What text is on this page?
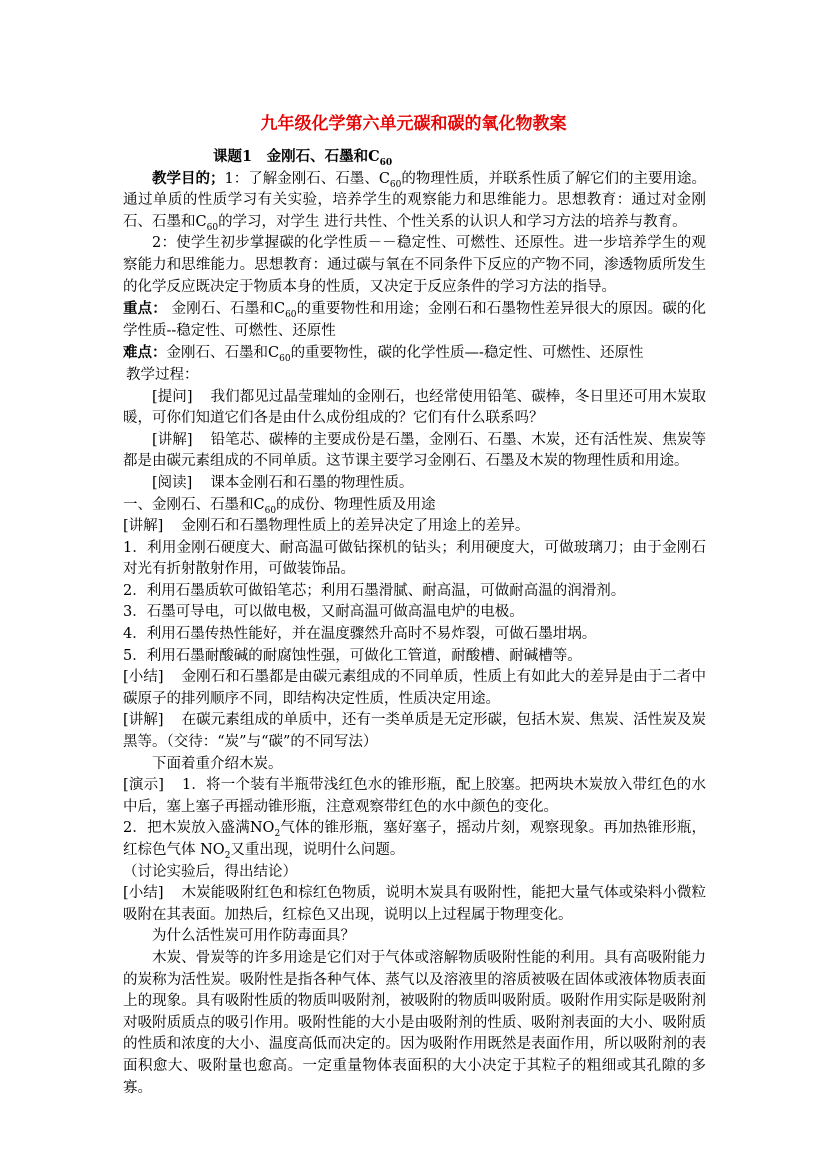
九年级化学第六单元碳和碳的氧化物教案

课题1　金刚石、石墨和$C_{60}$

教学目的；1：了解金刚石、石墨、$C_{60}$的物理性质，并联系性质了解它们的主要用途。通过单质的性质学习有关实验，培养学生的观察能力和思维能力。思想教育：通过对金刚石、石墨和$C_{60}$的学习，对学生 进行共性、个性关系的认识人和学习方法的培养与教育。

2：使学生初步掌握碳的化学性质－－稳定性、可燃性、还原性。进一步培养学生的观察能力和思维能力。思想教育：通过碳与氧在不同条件下反应的产物不同，渗透物质所发生的化学反应既决定于物质本身的性质，又决定于反应条件的学习方法的指导。

重点： 金刚石、石墨和$C_{60}$的重要物性和用途；金刚石和石墨物性差异很大的原因。碳的化学性质--稳定性、可燃性、还原性

难点：金刚石、石墨和$C_{60}$的重要物性，碳的化学性质—-稳定性、可燃性、还原性

教学过程：

[提问] 我们都见过晶莹璀灿的金刚石，也经常使用铅笔、碳棒，冬日里还可用木炭取暖，可你们知道它们各是由什么成份组成的？它们有什么联系吗？

[讲解] 铅笔芯、碳棒的主要成份是石墨，金刚石、石墨、木炭，还有活性炭、焦炭等都是由碳元素组成的不同单质。这节课主要学习金刚石、石墨及木炭的物理性质和用途。

[阅读] 课本金刚石和石墨的物理性质。

一、金刚石、石墨和$C_{60}$的成份、物理性质及用途

[讲解] 金刚石和石墨物理性质上的差异决定了用途上的差异。

1．利用金刚石硬度大、耐高温可做钻探机的钻头；利用硬度大，可做玻璃刀；由于金刚石对光有折射散射作用，可做装饰品。

2．利用石墨质软可做铅笔芯；利用石墨滑腻、耐高温，可做耐高温的润滑剂。

3．石墨可导电，可以做电极，又耐高温可做高温电炉的电极。

4．利用石墨传热性能好，并在温度骤然升高时不易炸裂，可做石墨坩埚。

5．利用石墨耐酸碱的耐腐蚀性强，可做化工管道，耐酸槽、耐碱槽等。

[小结] 金刚石和石墨都是由碳元素组成的不同单质，性质上有如此大的差异是由于二者中碳原子的排列顺序不同，即结构决定性质，性质决定用途。

[讲解] 在碳元素组成的单质中，还有一类单质是无定形碳，包括木炭、焦炭、活性炭及炭黑等。（交待：“炭”与“碳”的不同写法）

下面着重介绍木炭。

[演示] 1．将一个装有半瓶带浅红色水的锥形瓶，配上胶塞。把两块木炭放入带红色的水中后，塞上塞子再摇动锥形瓶，注意观察带红色的水中颜色的变化。

2．把木炭放入盛满$NO_2$气体的锥形瓶，塞好塞子，摇动片刻，观察现象。再加热锥形瓶，红棕色气体 $NO_2$又重出现，说明什么问题。

（讨论实验后，得出结论）

[小结] 木炭能吸附红色和棕红色物质，说明木炭具有吸附性，能把大量气体或染料小微粒吸附在其表面。加热后，红棕色又出现，说明以上过程属于物理变化。

为什么活性炭可用作防毒面具？

木炭、骨炭等的许多用途是它们对于气体或溶解物质吸附性能的利用。具有高吸附能力的炭称为活性炭。吸附性是指各种气体、蒸气以及溶液里的溶质被吸在固体或液体物质表面上的现象。具有吸附性质的物质叫吸附剂，被吸附的物质叫吸附质。吸附作用实际是吸附剂对吸附质质点的吸引作用。吸附性能的大小是由吸附剂的性质、吸附剂表面的大小、吸附质的性质和浓度的大小、温度高低而决定的。因为吸附作用既然是表面作用，所以吸附剂的表面积愈大、吸附量也愈高。一定重量物体表面积的大小决定于其粒子的粗细或其孔隙的多寡。
